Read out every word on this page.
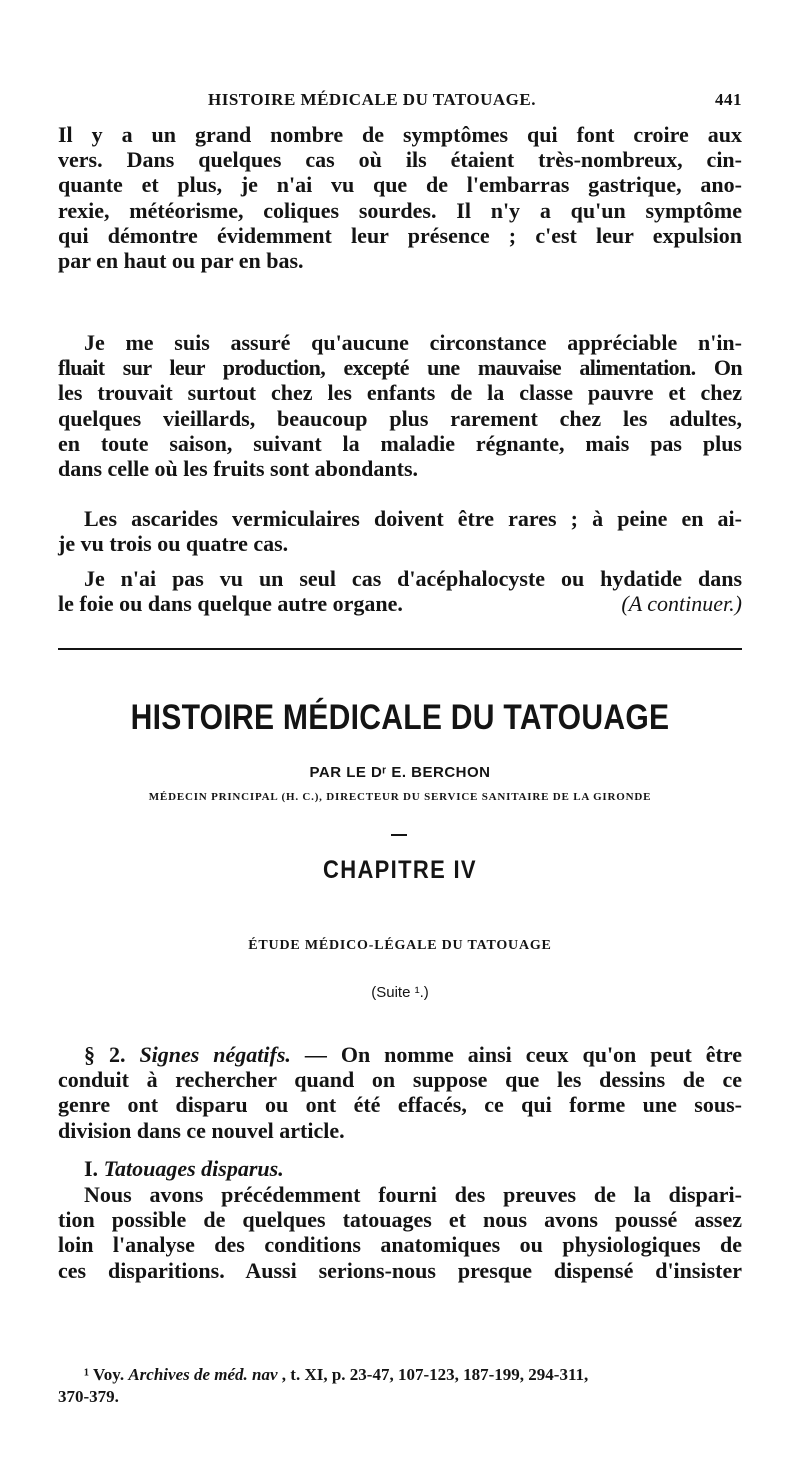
HISTOIRE MÉDICALE DU TATOUAGE.	441
Il y a un grand nombre de symptômes qui font croire aux
vers. Dans quelques cas où ils étaient très-nombreux, cin-
quante et plus, je n'ai vu que de l'embarras gastrique, ano-
rexie, météorisme, coliques sourdes. Il n'y a qu'un symptôme
qui démontre évidemment leur présence ; c'est leur expulsion
par en haut ou par en bas.
Je me suis assuré qu'aucune circonstance appréciable n'in-
fluait sur leur production, excepté une mauvaise alimentation. On
les trouvait surtout chez les enfants de la classe pauvre et chez
quelques vieillards, beaucoup plus rarement chez les adultes,
en toute saison, suivant la maladie régnante, mais pas plus
dans celle où les fruits sont abondants.
Les ascarides vermiculaires doivent être rares ; à peine en ai-
je vu trois ou quatre cas.
Je n'ai pas vu un seul cas d'acéphalocyste ou hydatide dans
le foie ou dans quelque autre organe.	(A continuer.)
HISTOIRE MÉDICALE DU TATOUAGE
PAR LE Dʳ E. BERCHON
MÉDECIN PRINCIPAL (H. C.), DIRECTEUR DU SERVICE SANITAIRE DE LA GIRONDE
CHAPITRE IV
ÉTUDE MÉDICO-LÉGALE DU TATOUAGE
(Suite ¹.)
§ 2. Signes négatifs. — On nomme ainsi ceux qu'on peut être
conduit à rechercher quand on suppose que les dessins de ce
genre ont disparu ou ont été effacés, ce qui forme une sous-
division dans ce nouvel article.
I. Tatouages disparus.
Nous avons précédemment fourni des preuves de la dispari-
tion possible de quelques tatouages et nous avons poussé assez
loin l'analyse des conditions anatomiques ou physiologiques de
ces disparitions. Aussi serions-nous presque dispensé d'insister
¹ Voy. Archives de méd. nav , t. XI, p. 23-47, 107-123, 187-199, 294-311,
370-379.
